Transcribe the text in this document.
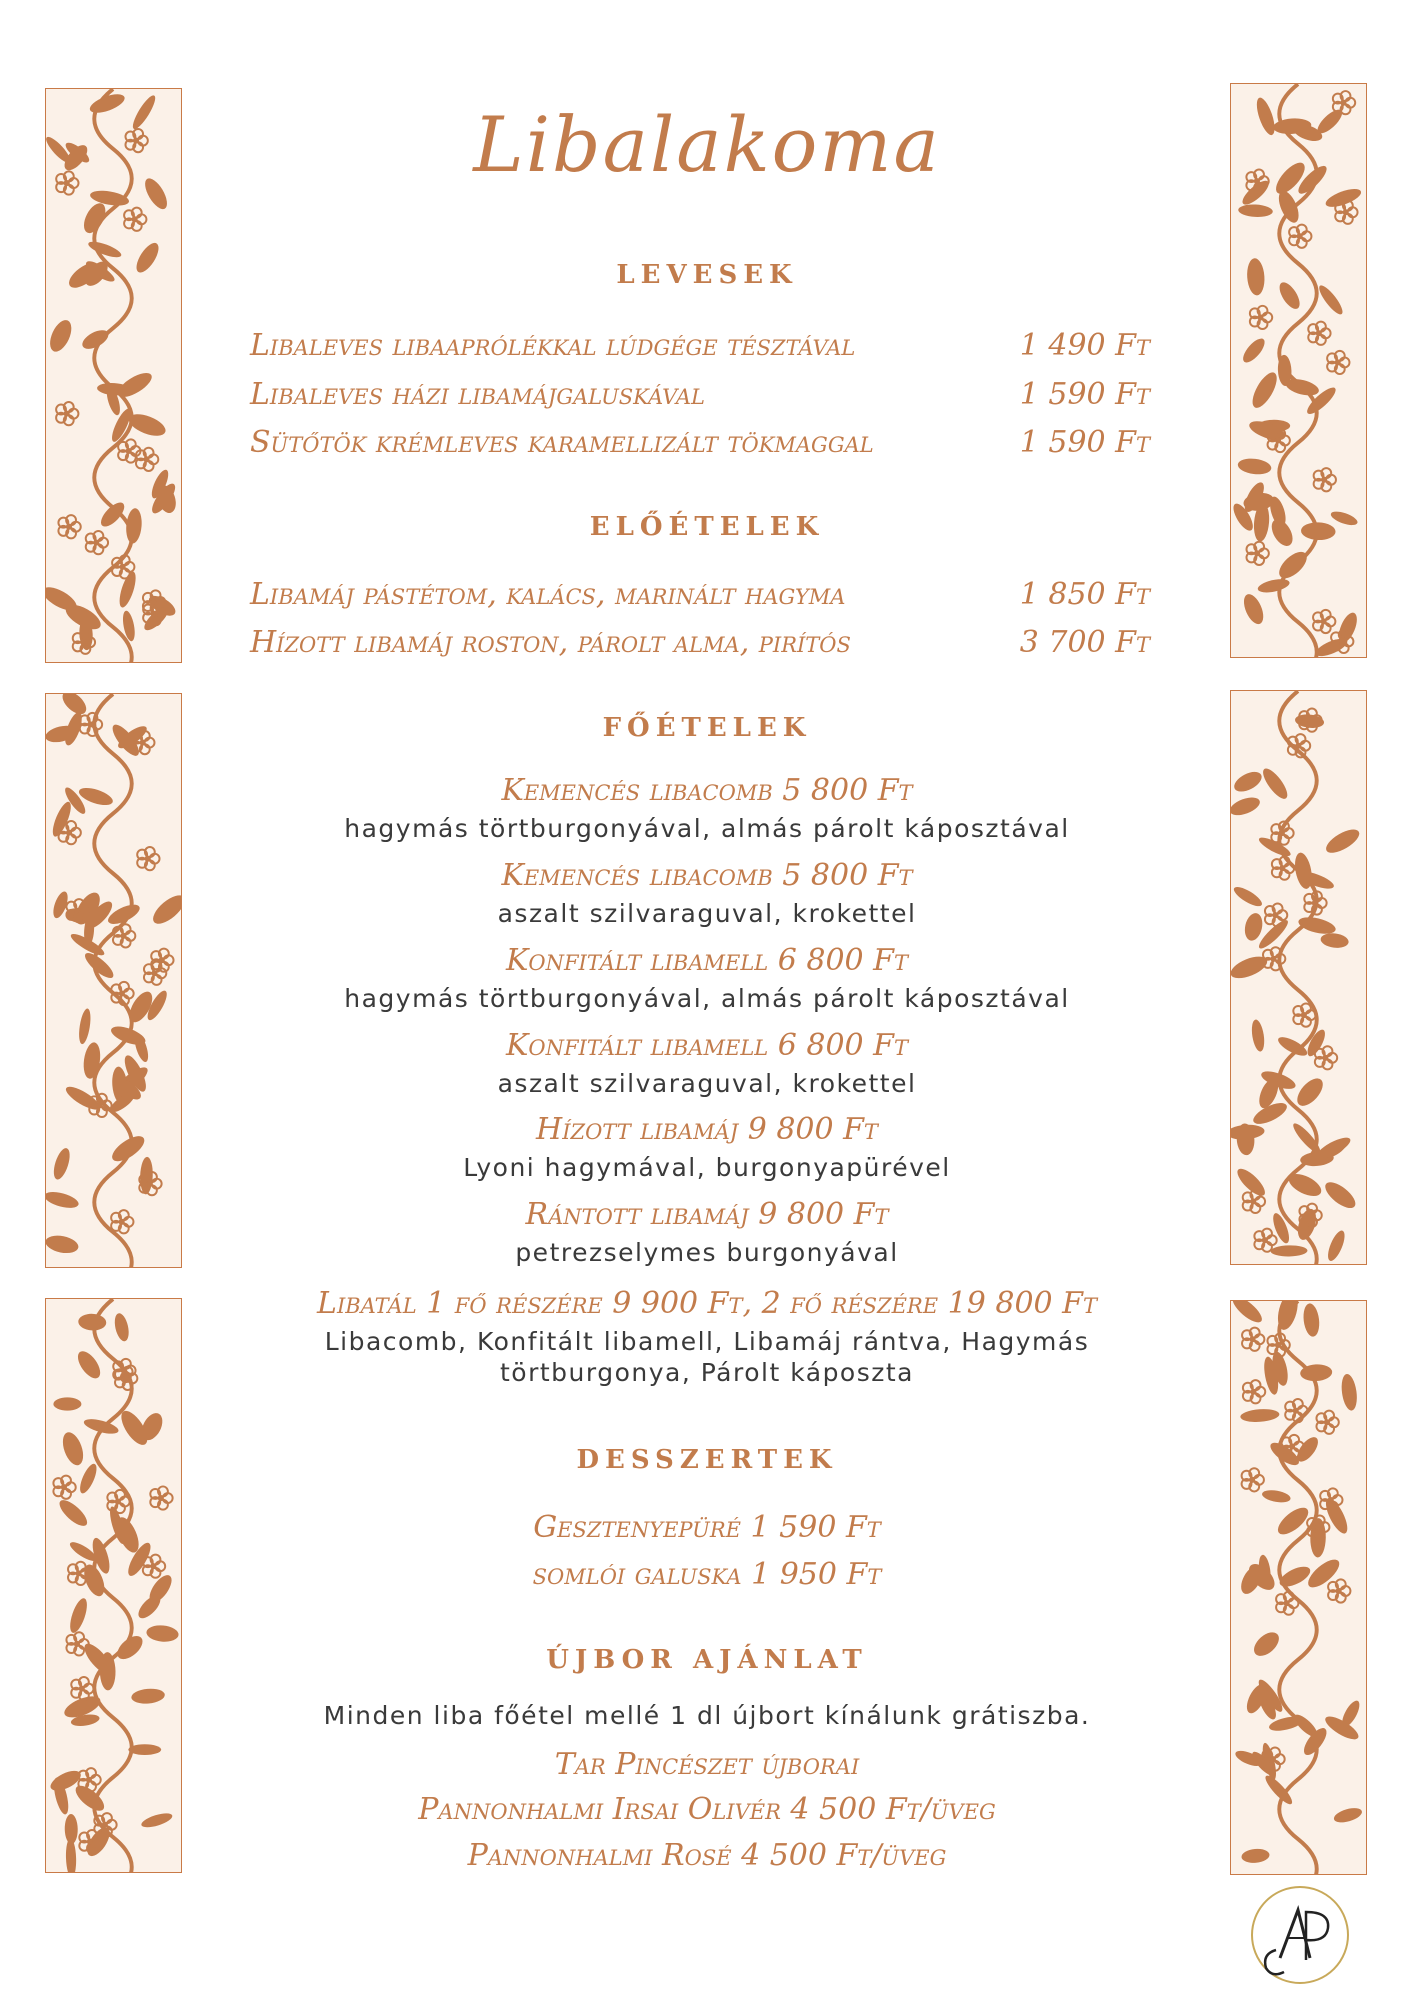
Libalakoma
LEVESEK
Libaleves libaaprólékkal lúdgége tésztával	1 490 Ft
Libaleves házi libamájgaluskával	1 590 Ft
Sütőtök krémleves karamellizált tökmaggal	1 590 Ft
ELŐÉTELEK
Libamáj pástétom, kalács, marinált hagyma	1 850 Ft
Hízott libamáj roston, párolt alma, pirítós	3 700 Ft
FŐÉTELEK
Kemencés libacomb 5 800 Ft
hagymás törtburgonyával, almás párolt káposztával
Kemencés libacomb 5 800 Ft
aszalt szilvaraguval, krokettel
Konfitált libamell 6 800 Ft
hagymás törtburgonyával, almás párolt káposztával
Konfitált libamell 6 800 Ft
aszalt szilvaraguval, krokettel
Hízott libamáj 9 800 Ft
Lyoni hagymával, burgonyapürével
Rántott libamáj 9 800 Ft
petrezselymes burgonyával
Libatál 1 fő részére 9 900 Ft, 2 fő részére 19 800 Ft
Libacomb, Konfitált libamell, Libamáj rántva, Hagymás
törtburgonya, Párolt káposzta
DESSZERTEK
Gesztenyepüré 1 590 Ft
somlói galuska 1 950 Ft
ÚJBOR AJÁNLAT
Minden liba főétel mellé 1 dl újbort kínálunk grátiszba.
Tar Pincészet újborai
Pannonhalmi Irsai Olivér 4 500 Ft/üveg
Pannonhalmi Rosé 4 500 Ft/üveg
